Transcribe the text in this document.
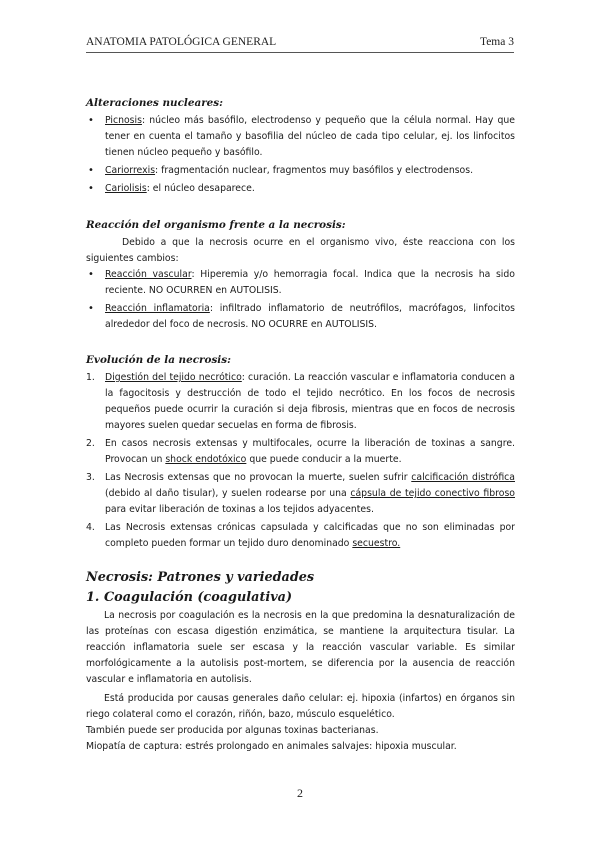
ANATOMIA PATOLÓGICA GENERAL	Tema 3

Alteraciones nucleares:

• Picnosis: núcleo más basófilo, electrodenso y pequeño que la célula normal. Hay que tener en cuenta el tamaño y basofilia del núcleo de cada tipo celular, ej. los linfocitos tienen núcleo pequeño y basófilo.
• Cariorrexis: fragmentación nuclear, fragmentos muy basófilos y electrodensos.
• Cariolisis: el núcleo desaparece.

Reacción del organismo frente a la necrosis:

Debido a que la necrosis ocurre en el organismo vivo, éste reacciona con los siguientes cambios:

• Reacción vascular: Hiperemia y/o hemorragia focal. Indica que la necrosis ha sido reciente. NO OCURREN en AUTOLISIS.
• Reacción inflamatoria: infiltrado inflamatorio de neutrófilos, macrófagos, linfocitos alrededor del foco de necrosis. NO OCURRE en AUTOLISIS.

Evolución de la necrosis:

1. Digestión del tejido necrótico: curación. La reacción vascular e inflamatoria conducen a la fagocitosis y destrucción de todo el tejido necrótico. En los focos de necrosis pequeños puede ocurrir la curación si deja fibrosis, mientras que en focos de necrosis mayores suelen quedar secuelas en forma de fibrosis.
2. En casos necrosis extensas y multifocales, ocurre la liberación de toxinas a sangre. Provocan un shock endotóxico que puede conducir a la muerte.
3. Las Necrosis extensas que no provocan la muerte, suelen sufrir calcificación distrófica (debido al daño tisular), y suelen rodearse por una cápsula de tejido conectivo fibroso para evitar liberación de toxinas a los tejidos adyacentes.
4. Las Necrosis extensas crónicas capsulada y calcificadas que no son eliminadas por completo pueden formar un tejido duro denominado secuestro.

Necrosis: Patrones y variedades

1. Coagulación (coagulativa)

La necrosis por coagulación es la necrosis en la que predomina la desnaturalización de las proteínas con escasa digestión enzimática, se mantiene la arquitectura tisular. La reacción inflamatoria suele ser escasa y la reacción vascular variable. Es similar morfológicamente a la autolisis post-mortem, se diferencia por la ausencia de reacción vascular e inflamatoria en autolisis.

Está producida por causas generales daño celular: ej. hipoxia (infartos) en órganos sin riego colateral como el corazón, riñón, bazo, músculo esquelético.

También puede ser producida por algunas toxinas bacterianas.

Miopatía de captura: estrés prolongado en animales salvajes: hipoxia muscular.

2
